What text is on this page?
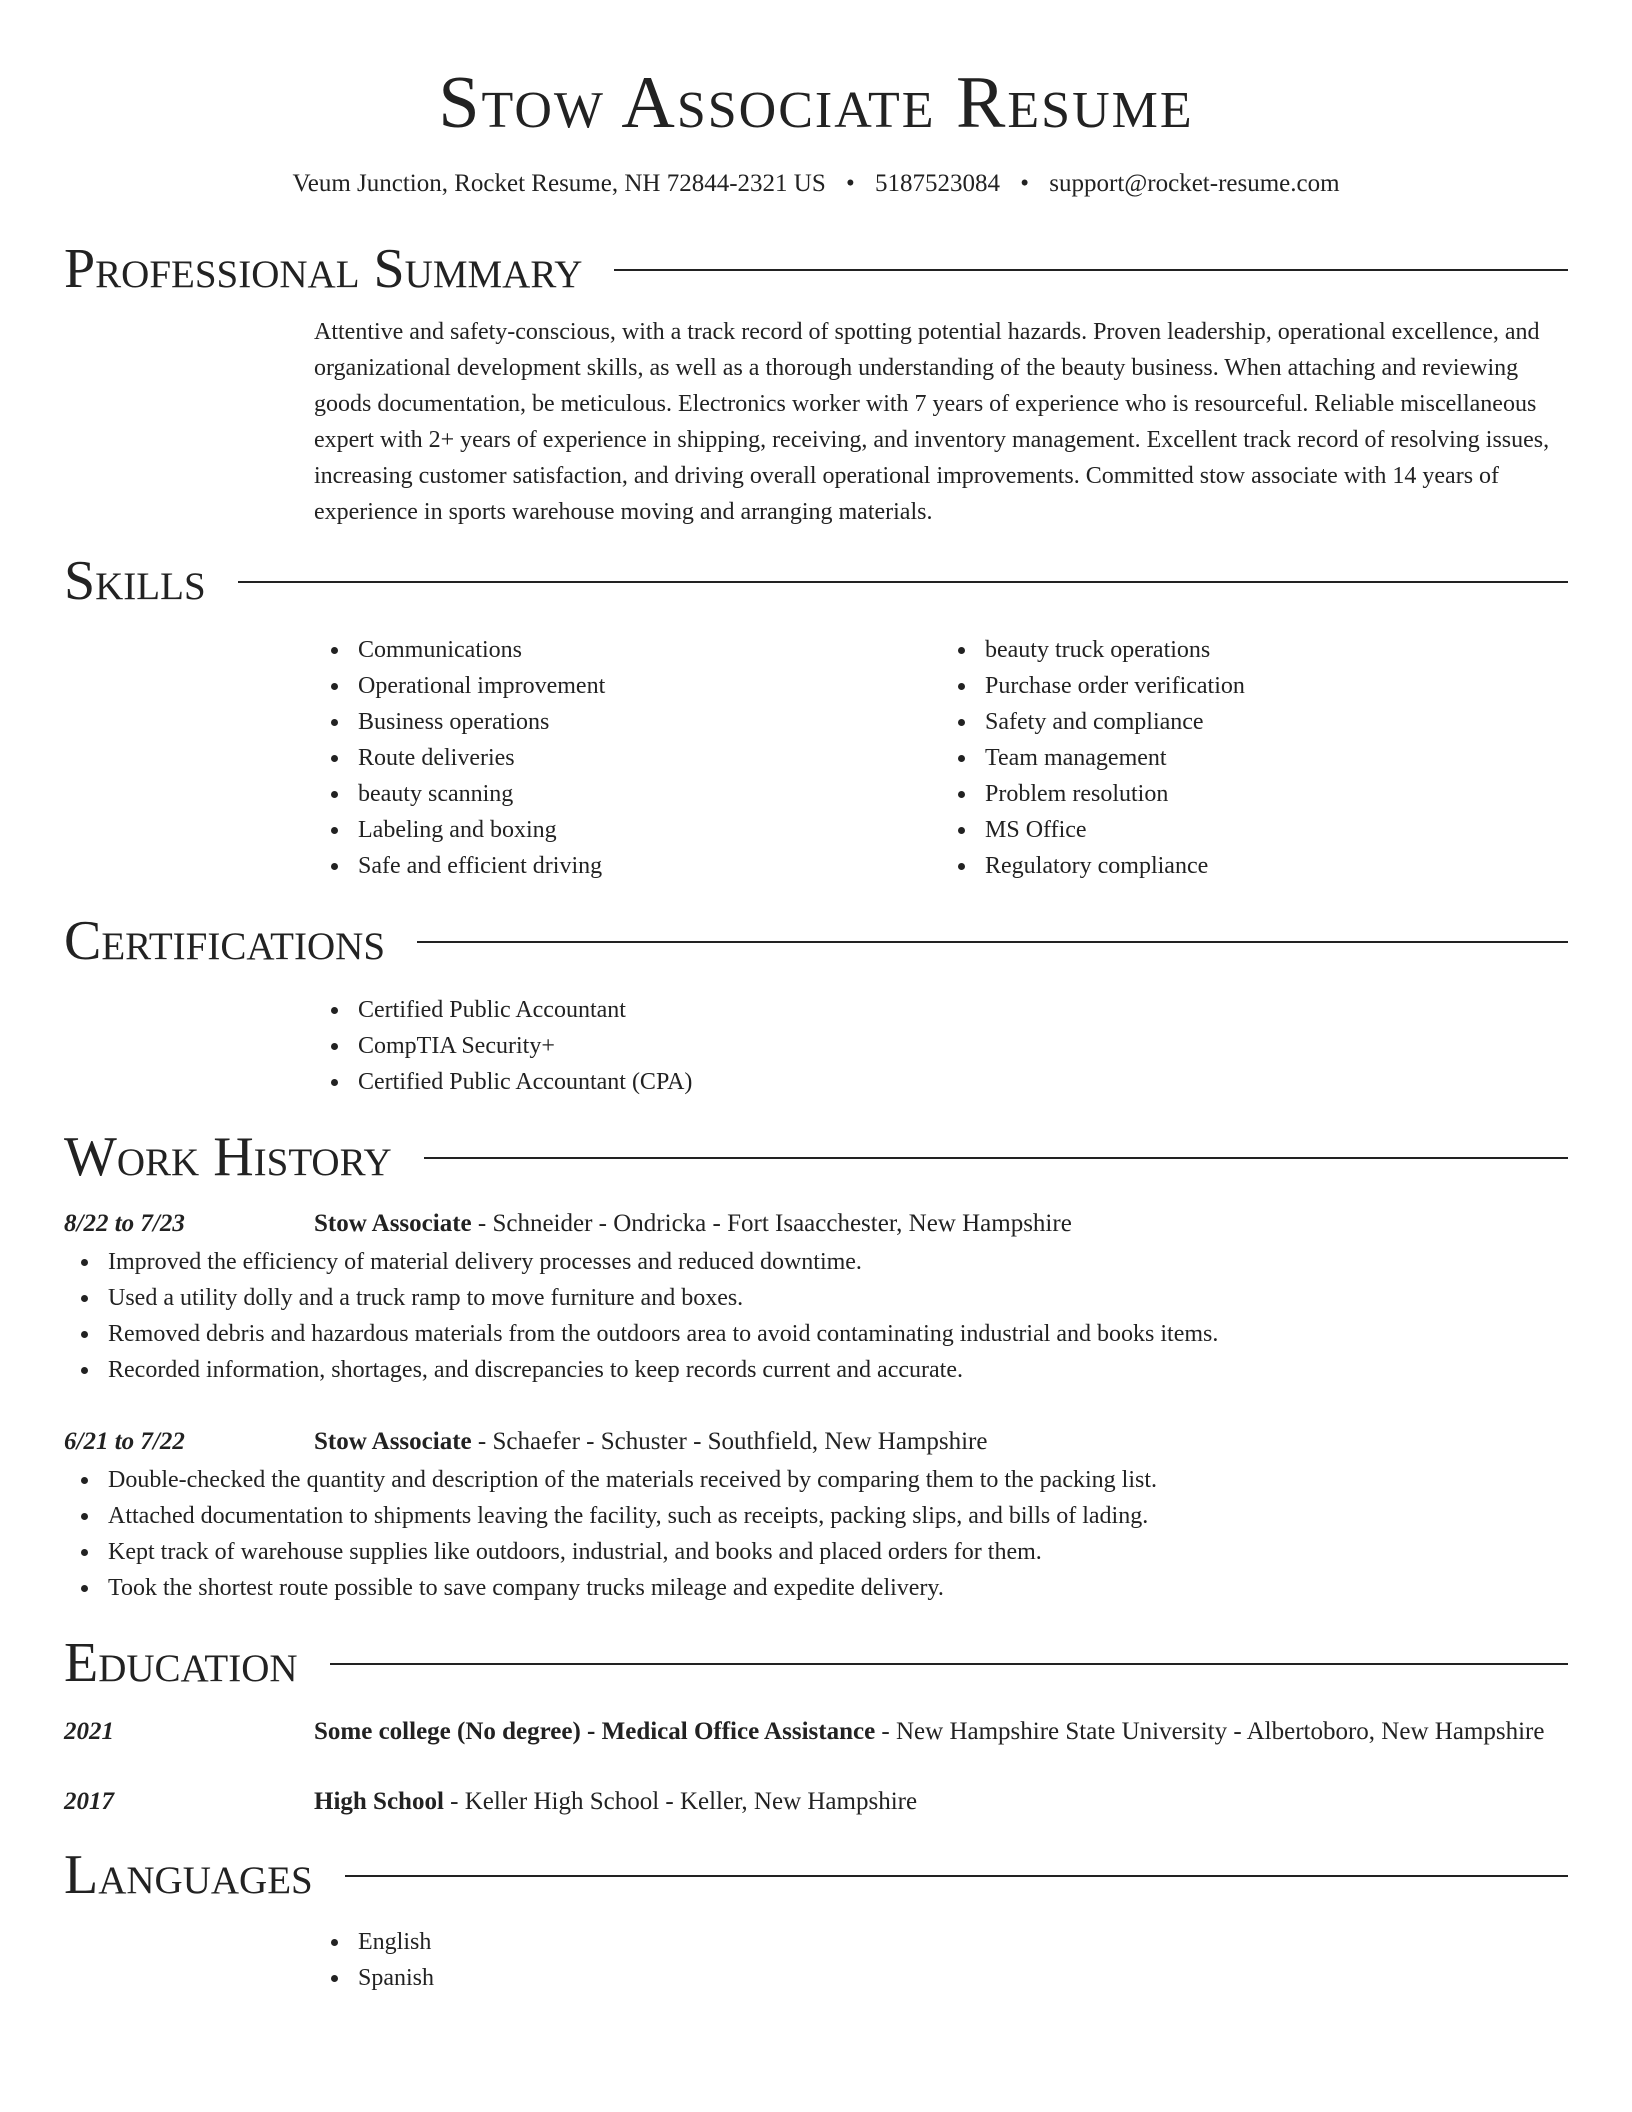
Stow Associate Resume
Veum Junction, Rocket Resume, NH 72844-2321 US • 5187523084 • support@rocket-resume.com
Professional Summary

Attentive and safety-conscious, with a track record of spotting potential hazards. Proven leadership, operational excellence, and organizational development skills, as well as a thorough understanding of the beauty business. When attaching and reviewing goods documentation, be meticulous. Electronics worker with 7 years of experience who is resourceful. Reliable miscellaneous expert with 2+ years of experience in shipping, receiving, and inventory management. Excellent track record of resolving issues, increasing customer satisfaction, and driving overall operational improvements. Committed stow associate with 14 years of experience in sports warehouse moving and arranging materials.

Skills
Communications
Operational improvement
Business operations
Route deliveries
beauty scanning
Labeling and boxing
Safe and efficient driving
beauty truck operations
Purchase order verification
Safety and compliance
Team management
Problem resolution
MS Office
Regulatory compliance
Certifications
Certified Public Accountant
CompTIA Security+
Certified Public Accountant (CPA)
Work History
8/22 to 7/23	Stow Associate - Schneider - Ondricka - Fort Isaacchester, New Hampshire
Improved the efficiency of material delivery processes and reduced downtime.
Used a utility dolly and a truck ramp to move furniture and boxes.
Removed debris and hazardous materials from the outdoors area to avoid contaminating industrial and books items.
Recorded information, shortages, and discrepancies to keep records current and accurate.
6/21 to 7/22	Stow Associate - Schaefer - Schuster - Southfield, New Hampshire
Double-checked the quantity and description of the materials received by comparing them to the packing list.
Attached documentation to shipments leaving the facility, such as receipts, packing slips, and bills of lading.
Kept track of warehouse supplies like outdoors, industrial, and books and placed orders for them.
Took the shortest route possible to save company trucks mileage and expedite delivery.
Education
2021	Some college (No degree) - Medical Office Assistance - New Hampshire State University - Albertoboro, New Hampshire
2017	High School - Keller High School - Keller, New Hampshire
Languages
English
Spanish
